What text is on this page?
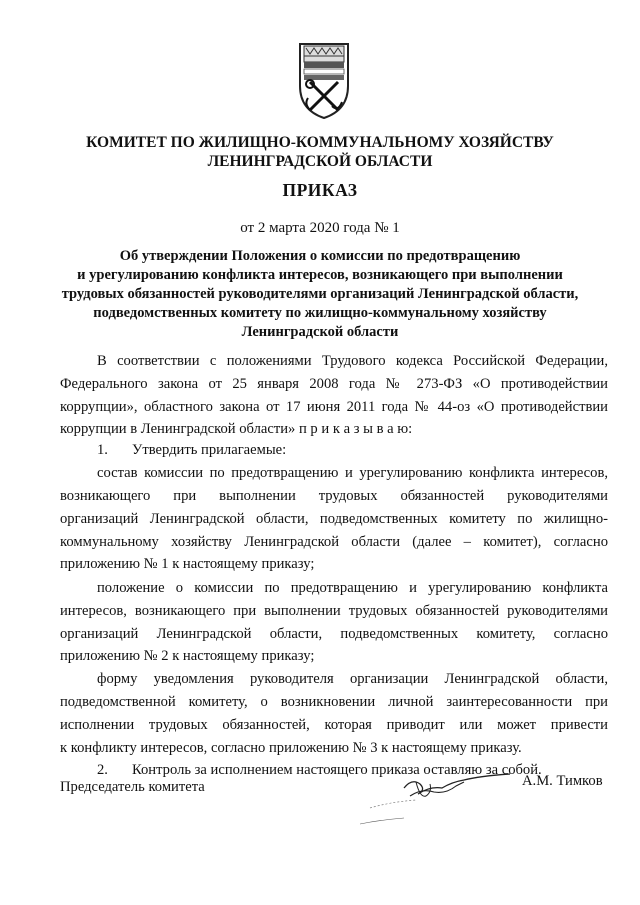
КОМИТЕТ ПО ЖИЛИЩНО-КОММУНАЛЬНОМУ ХОЗЯЙСТВУ
ЛЕНИНГРАДСКОЙ ОБЛАСТИ
ПРИКАЗ
от 2 марта 2020 года № 1
Об утверждении Положения о комиссии по предотвращению
и урегулированию конфликта интересов, возникающего при выполнении
трудовых обязанностей руководителями организаций Ленинградской области,
подведомственных комитету по жилищно-коммунальному хозяйству
Ленинградской области
В соответствии с положениями Трудового кодекса Российской Федерации,
Федерального закона от 25 января 2008 года № 273-ФЗ «О противодействии
коррупции», областного закона от 17 июня 2011 года № 44-оз «О противодействии
коррупции в Ленинградской области» п р и к а з ы в а ю:
1. Утвердить прилагаемые:
состав комиссии по предотвращению и урегулированию конфликта интересов,
возникающего при выполнении трудовых обязанностей руководителями
организаций Ленинградской области, подведомственных комитету по жилищно-
коммунальному хозяйству Ленинградской области (далее – комитет), согласно
приложению № 1 к настоящему приказу;
положение о комиссии по предотвращению и урегулированию конфликта
интересов, возникающего при выполнении трудовых обязанностей руководителями
организаций Ленинградской области, подведомственных комитету, согласно
приложению № 2 к настоящему приказу;
форму уведомления руководителя организации Ленинградской области,
подведомственной комитету, о возникновении личной заинтересованности при
исполнении трудовых обязанностей, которая приводит или может привести
к конфликту интересов, согласно приложению № 3 к настоящему приказу.
2. Контроль за исполнением настоящего приказа оставляю за собой.
Председатель комитета	А.М. Тимков
